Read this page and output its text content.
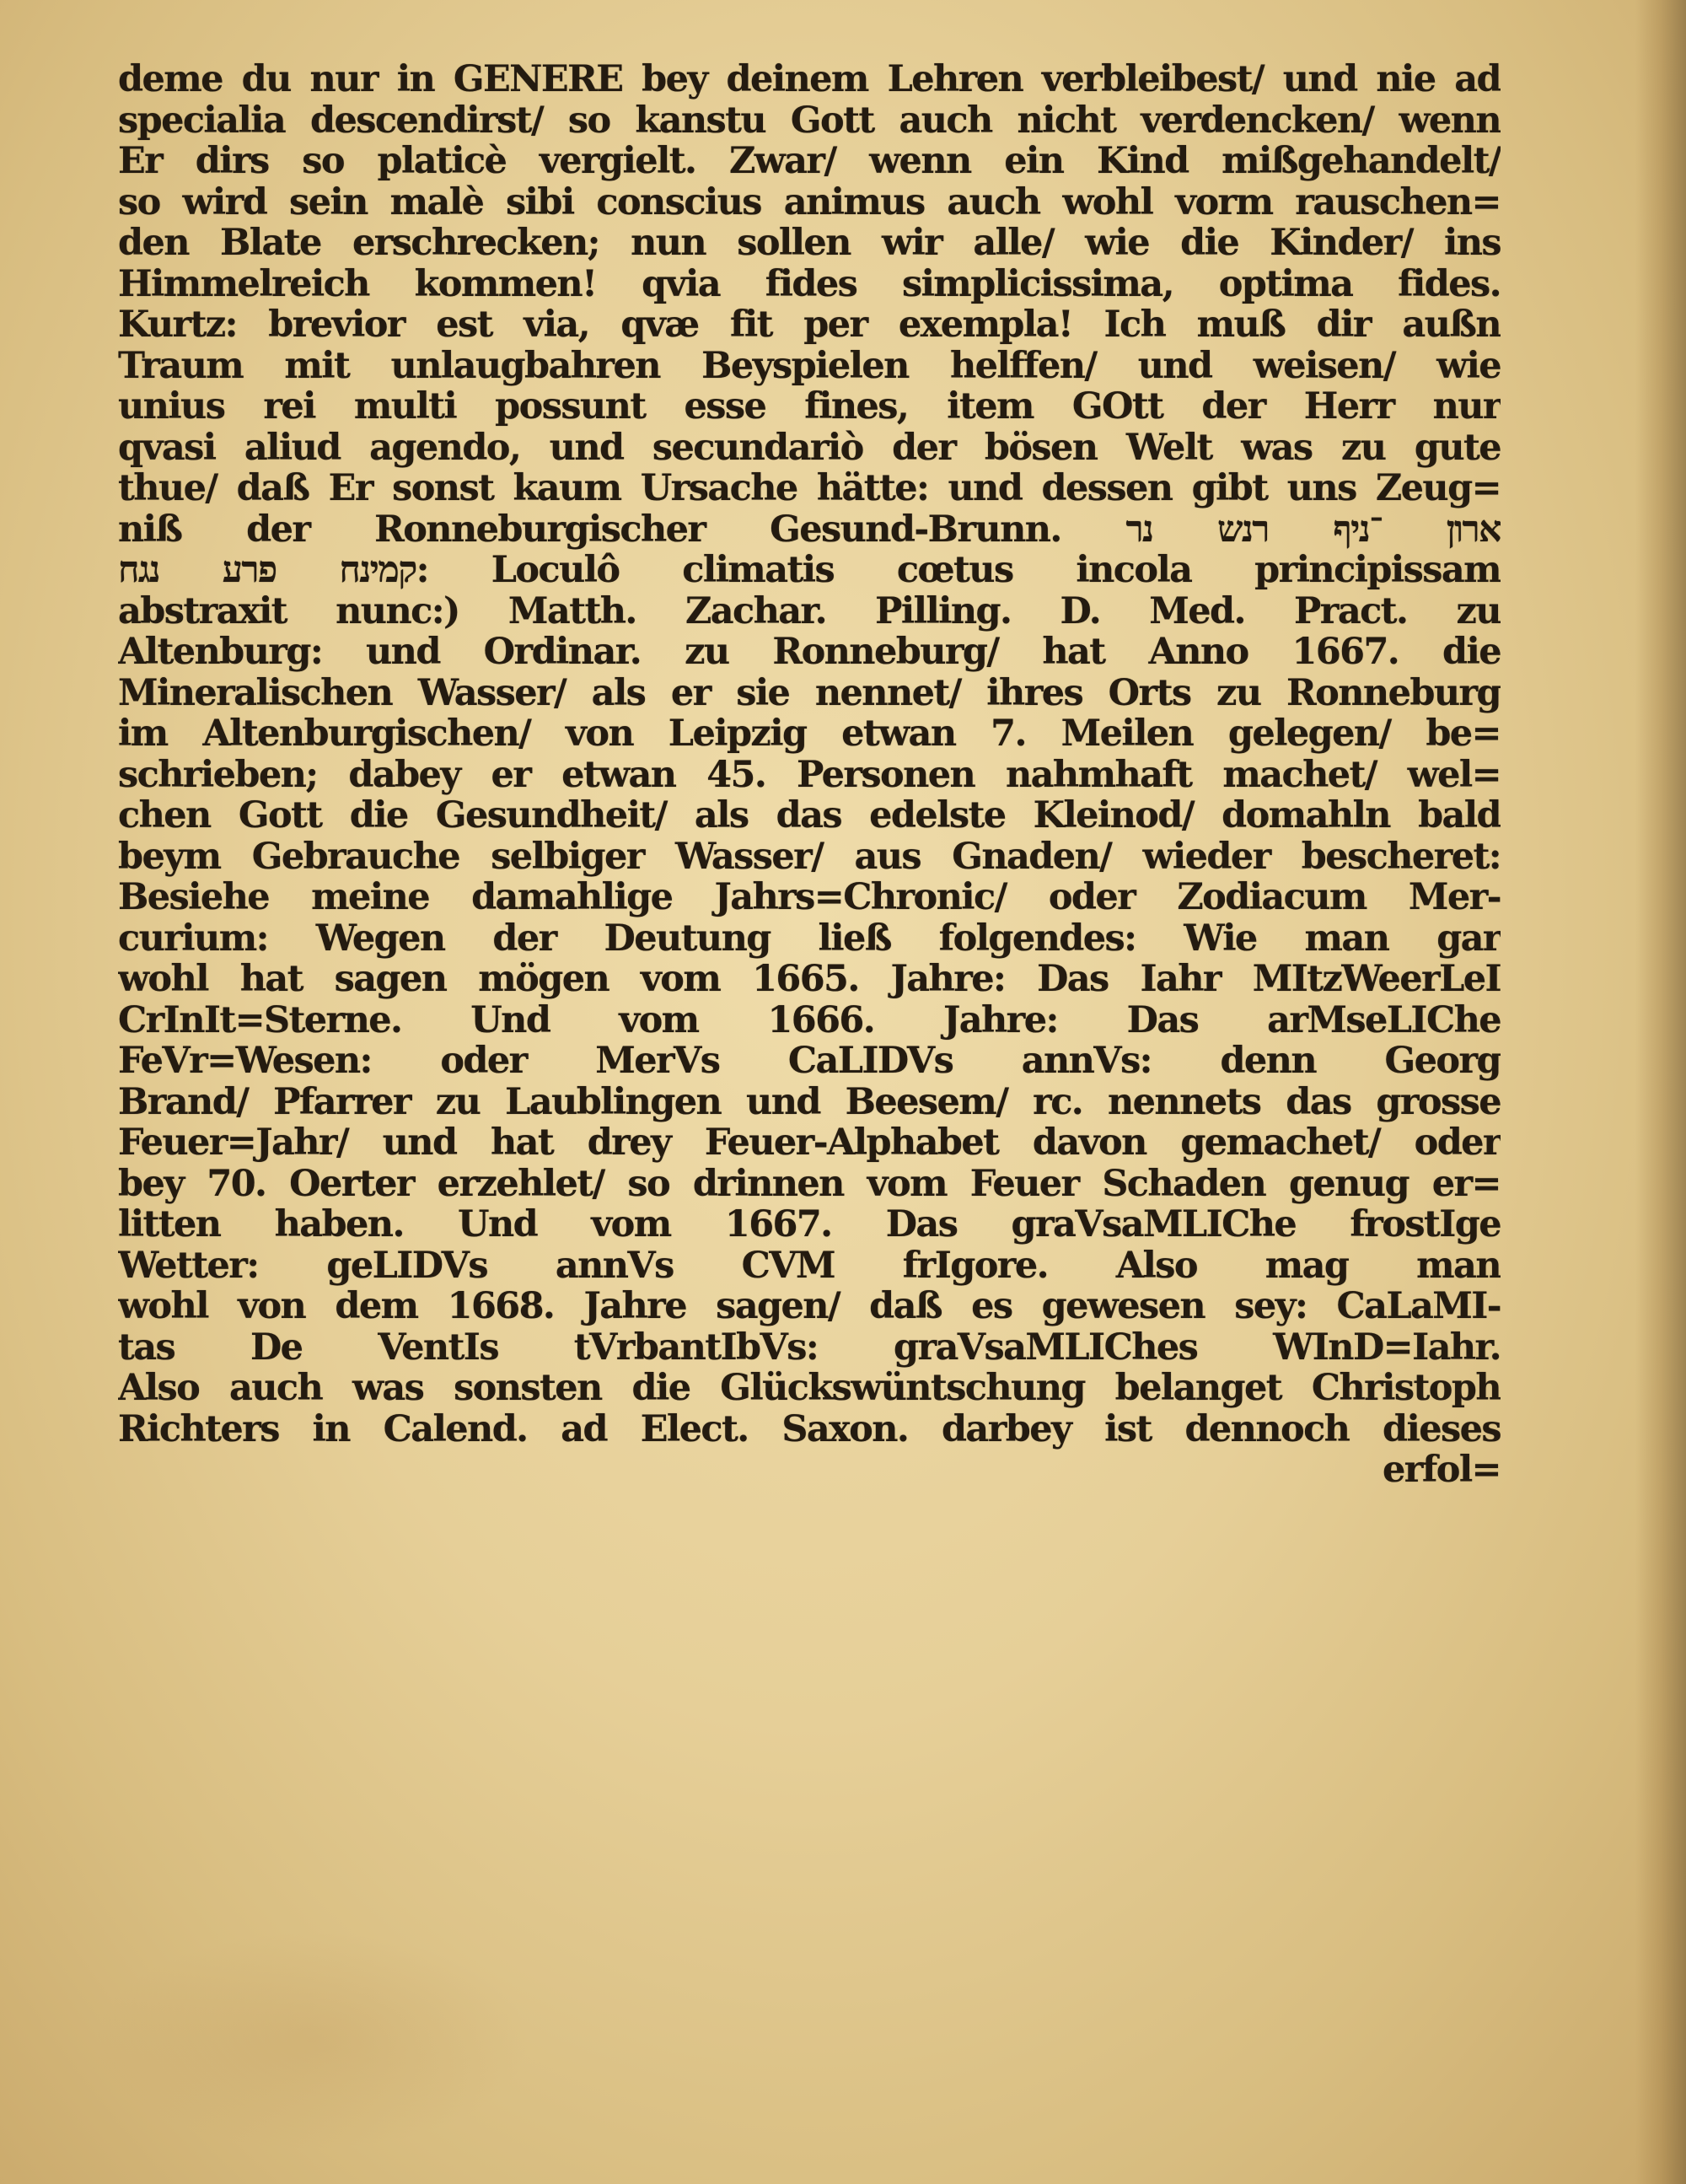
deme du nur in GENERE bey deinem Lehren verbleibest/ und nie ad
specialia descendirst/ so kanstu Gott auch nicht verdencken/ wenn
Er dirs so platicè vergielt. Zwar/ wenn ein Kind mißgehandelt/
so wird sein malè sibi conscius animus auch wohl vorm rauschen=
den Blate erschrecken; nun sollen wir alle/ wie die Kinder/ ins
Himmelreich kommen! qvia fides simplicissima, optima fides.
Kurtz: brevior est via, qvæ fit per exempla! Ich muß dir außn
Traum mit unlaugbahren Beyspielen helffen/ und weisen/ wie
unius rei multi possunt esse fines, item GOtt der Herr nur
qvasi aliud agendo, und secundariò der bösen Welt was zu gute
thue/ daß Er sonst kaum Ursache hätte: und dessen gibt uns Zeug=
niß der Ronneburgischer Gesund-Brunn. ארון ־ניף רנש נר
קמינח פרע נגח: Loculô climatis cœtus incola principissam
abstraxit nunc:) Matth. Zachar. Pilling. D. Med. Pract. zu
Altenburg: und Ordinar. zu Ronneburg/ hat Anno 1667. die
Mineralischen Wasser/ als er sie nennet/ ihres Orts zu Ronneburg
im Altenburgischen/ von Leipzig etwan 7. Meilen gelegen/ be=
schrieben; dabey er etwan 45. Personen nahmhaft machet/ wel=
chen Gott die Gesundheit/ als das edelste Kleinod/ domahln bald
beym Gebrauche selbiger Wasser/ aus Gnaden/ wieder bescheret:
Besiehe meine damahlige Jahrs=Chronic/ oder Zodiacum Mer-
curium: Wegen der Deutung ließ folgendes: Wie man gar
wohl hat sagen mögen vom 1665. Jahre: Das Iahr MItzWeerLeI
CrInIt=Sterne. Und vom 1666. Jahre: Das arMseLIChe
FeVr=Wesen: oder MerVs CaLIDVs annVs: denn Georg
Brand/ Pfarrer zu Laublingen und Beesem/ rc. nennets das grosse
Feuer=Jahr/ und hat drey Feuer-Alphabet davon gemachet/ oder
bey 70. Oerter erzehlet/ so drinnen vom Feuer Schaden genug er=
litten haben. Und vom 1667. Das graVsaMLIChe frostIge
Wetter: geLIDVs annVs CVM frIgore. Also mag man
wohl von dem 1668. Jahre sagen/ daß es gewesen sey: CaLaMI-
tas De VentIs tVrbantIbVs: graVsaMLIChes WInD=Iahr.
Also auch was sonsten die Glückswüntschung belanget Christoph
Richters in Calend. ad Elect. Saxon. darbey ist dennoch dieses
erfol=
